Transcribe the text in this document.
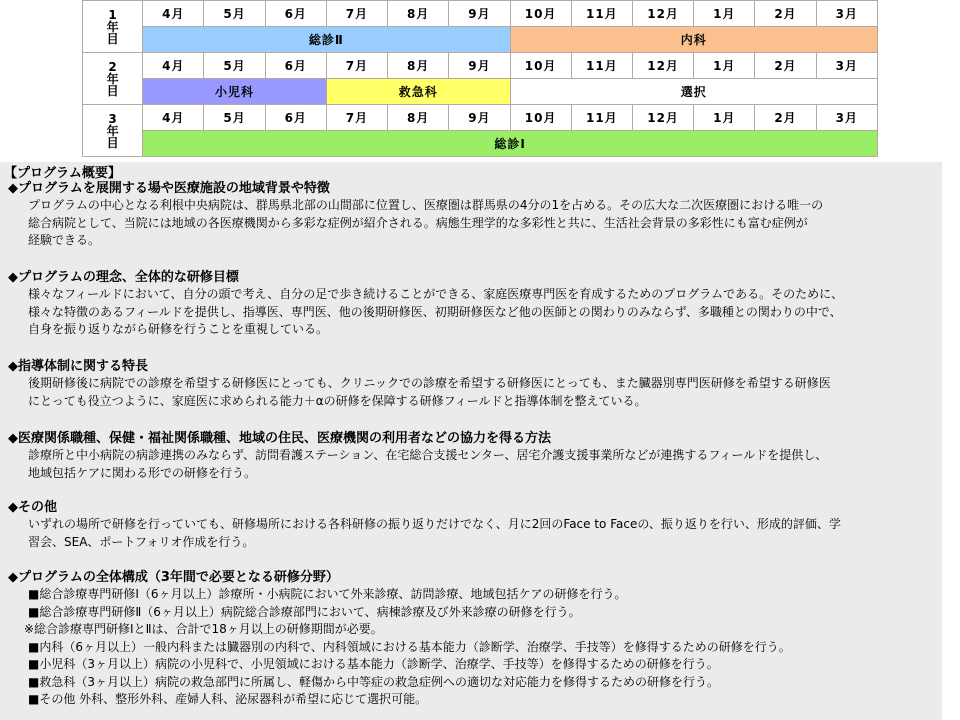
1
年
目	4月	5月	6月	7月	8月	9月	10月	11月	12月	1月	2月	3月
	総診Ⅱ						内科					
2
年
目	4月	5月	6月	7月	8月	9月	10月	11月	12月	1月	2月	3月
	小児科			救急科			選択					
3
年
目	4月	5月	6月	7月	8月	9月	10月	11月	12月	1月	2月	3月
	総診Ⅰ											
【プログラム概要】
◆プログラムを展開する場や医療施設の地域背景や特徴
プログラムの中心となる利根中央病院は、群馬県北部の山間部に位置し、医療圏は群馬県の4分の1を占める。その広大な二次医療圏における唯一の
総合病院として、当院には地域の各医療機関から多彩な症例が紹介される。病態生理学的な多彩性と共に、生活社会背景の多彩性にも富む症例が
経験できる。
◆プログラムの理念、全体的な研修目標
様々なフィールドにおいて、自分の頭で考え、自分の足で歩き続けることができる、家庭医療専門医を育成するためのプログラムである。そのために、
様々な特徴のあるフィールドを提供し、指導医、専門医、他の後期研修医、初期研修医など他の医師との関わりのみならず、多職種との関わりの中で、
自身を振り返りながら研修を行うことを重視している。
◆指導体制に関する特長
後期研修後に病院での診療を希望する研修医にとっても、クリニックでの診療を希望する研修医にとっても、また臓器別専門医研修を希望する研修医
にとっても役立つように、家庭医に求められる能力＋αの研修を保障する研修フィールドと指導体制を整えている。
◆医療関係職種、保健・福祉関係職種、地域の住民、医療機関の利用者などの協力を得る方法
診療所と中小病院の病診連携のみならず、訪問看護ステーション、在宅総合支援センター、居宅介護支援事業所などが連携するフィールドを提供し、
地域包括ケアに関わる形での研修を行う。
◆その他
いずれの場所で研修を行っていても、研修場所における各科研修の振り返りだけでなく、月に2回のFace to Faceの、振り返りを行い、形成的評価、学
習会、SEA、ポートフォリオ作成を行う。
◆プログラムの全体構成（3年間で必要となる研修分野）
■総合診療専門研修Ⅰ（6ヶ月以上）診療所・小病院において外来診療、訪問診療、地域包括ケアの研修を行う。
■総合診療専門研修Ⅱ（6ヶ月以上）病院総合診療部門において、病棟診療及び外来診療の研修を行う。
※総合診療専門研修ⅠとⅡは、合計で18ヶ月以上の研修期間が必要。
■内科（6ヶ月以上）一般内科または臓器別の内科で、内科領域における基本能力（診断学、治療学、手技等）を修得するための研修を行う。
■小児科（3ヶ月以上）病院の小児科で、小児領域における基本能力（診断学、治療学、手技等）を修得するための研修を行う。
■救急科（3ヶ月以上）病院の救急部門に所属し、軽傷から中等症の救急症例への適切な対応能力を修得するための研修を行う。
■その他 外科、整形外科、産婦人科、泌尿器科が希望に応じて選択可能。
